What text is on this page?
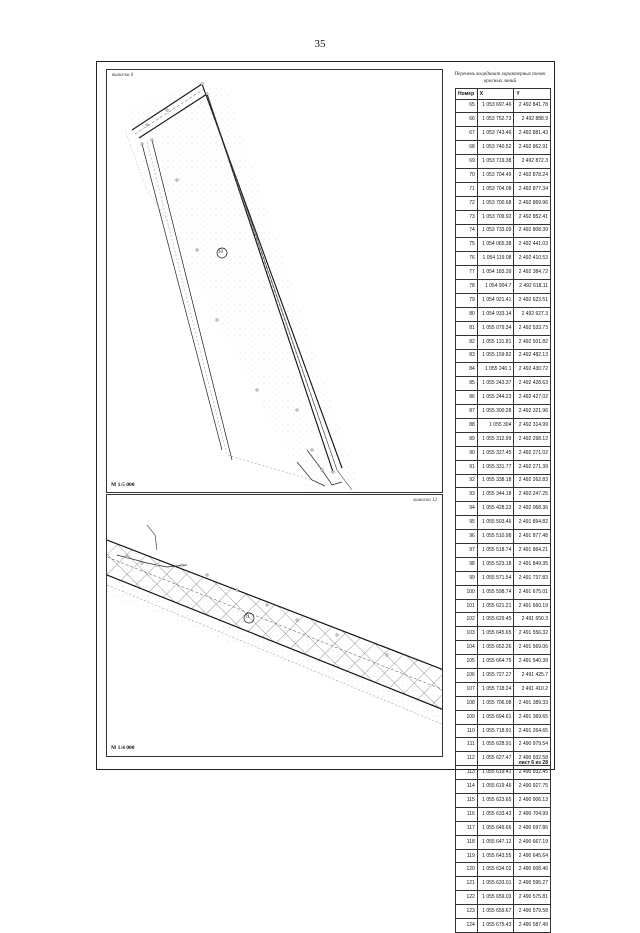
35
выноска 6
10
М 1:5 000
выноска 12
11
М 1:4 000
Перечень координат характерных точек красных линий
Номер	X	Y
65	1 053 697.46	2 492 841.78
66	1 053 752.73	2 492 888.9
67	1 053 743.46	2 492 881.43
68	1 053 740.52	2 492 862.91
69	1 053 719.38	2 492 872.3
70	1 053 704.49	2 492 878.24
71	1 053 704.08	2 492 877.34
72	1 053 700.68	2 492 869.96
73	1 053 709.92	2 492 852.41
74	1 053 733.09	2 492 808.39
75	1 054 065.38	2 492 441.03
76	1 054 119.08	2 492 410.53
77	1 054 183.39	2 492 384.72
78	1 054 904.7	2 492 618.11
79	1 054 921.41	2 492 623.51
80	1 054 933.14	2 492 627.3
81	1 055 079.34	2 492 533.73
82	1 055 131.81	2 492 501.82
83	1 055 159.82	2 492 482.13
84	1 055 240.1	2 492 430.72
85	1 055 243.37	2 492 428.63
86	1 055 244.23	2 492 427.02
87	1 055 300.28	2 492 321.96
88	1 055 304	2 492 314.99
89	1 055 312.99	2 492 298.12
90	1 055 327.45	2 492 271.02
91	1 055 331.77	2 492 271.39
92	1 055 338.18	2 492 262.83
93	1 055 344.18	2 492 247.25
94	1 055 428.23	2 492 068.36
95	1 055 503.46	2 491 894.82
96	1 055 510.98	2 491 877.48
97	1 055 518.74	2 491 864.21
98	1 055 523.18	2 491 849.35
99	1 055 571.54	2 491 737.83
100	1 055 598.74	2 491 675.01
101	1 055 621.21	2 491 660.19
102	1 055 629.45	2 491 650.3
103	1 055 645.65	2 491 556.32
104	1 055 652.26	2 491 569.06
105	1 055 664.75	2 491 540.39
106	1 055 727.27	2 491 425.7
107	1 055 718.24	2 491 410.2
108	1 055 706.08	2 491 389.33
109	1 055 694.61	2 491 369.65
110	1 055 718.91	2 491 264.65
111	1 055 628.91	2 490 979.54
112	1 055 627.47	2 490 932.58
113	1 055 619.41	2 490 932.45
114	1 055 619.46	2 490 927.75
115	1 055 623.65	2 490 906.13
116	1 055 633.43	2 490 704.99
117	1 055 649.66	2 490 697.86
118	1 055 647.12	2 490 667.19
119	1 055 643.55	2 490 645.64
120	1 055 634.02	2 490 608.46
121	1 055 633.01	2 490 595.27
122	1 055 659.03	2 490 575.81
123	1 055 659.67	2 490 579.58
124	1 055 675.43	2 490 587.49
лист 6 из 28
